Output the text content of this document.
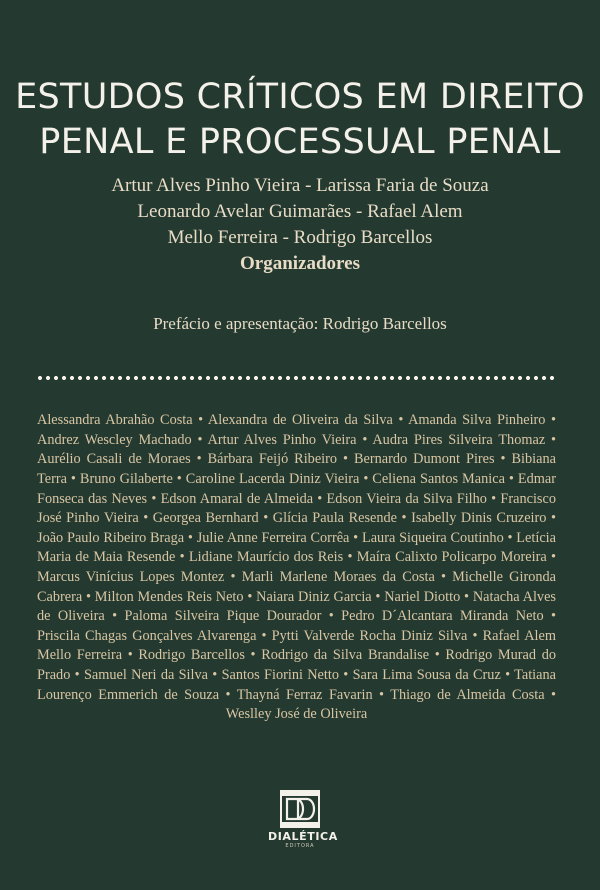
ESTUDOS CRÍTICOS EM DIREITO
PENAL E PROCESSUAL PENAL
Artur Alves Pinho Vieira - Larissa Faria de Souza
Leonardo Avelar Guimarães - Rafael Alem
Mello Ferreira - Rodrigo Barcellos
Organizadores
Prefácio e apresentação: Rodrigo Barcellos

Alessandra Abrahão Costa • Alexandra de Oliveira da Silva • Amanda Silva Pinheiro • Andrez Wescley Machado • Artur Alves Pinho Vieira • Audra Pires Silveira Thomaz • Aurélio Casali de Moraes • Bárbara Feijó Ribeiro • Bernardo Dumont Pires • Bibiana Terra • Bruno Gilaberte • Caroline Lacerda Diniz Vieira • Celiena Santos Manica • Edmar Fonseca das Neves • Edson Amaral de Almeida • Edson Vieira da Silva Filho • Francisco José Pinho Vieira • Georgea Bernhard • Glícia Paula Resende • Isabelly Dinis Cruzeiro • João Paulo Ribeiro Braga • Julie Anne Ferreira Corrêa • Laura Siqueira Coutinho • Letícia Maria de Maia Resende • Lidiane Maurício dos Reis • Maíra Calixto Policarpo Moreira • Marcus Vinícius Lopes Montez • Marli Marlene Moraes da Costa • Michelle Gironda Cabrera • Milton Mendes Reis Neto • Naiara Diniz Garcia • Nariel Diotto • Natacha Alves de Oliveira • Paloma Silveira Pique Dourador • Pedro D´Alcantara Miranda Neto • Priscila Chagas Gonçalves Alvarenga • Pytti Valverde Rocha Diniz Silva • Rafael Alem Mello Ferreira • Rodrigo Barcellos • Rodrigo da Silva Brandalise • Rodrigo Murad do Prado • Samuel Neri da Silva • Santos Fiorini Netto • Sara Lima Sousa da Cruz • Tatiana Lourenço Emmerich de Souza • Thayná Ferraz Favarin • Thiago de Almeida Costa • Weslley José de Oliveira

DIALÉTICA
EDITORA
